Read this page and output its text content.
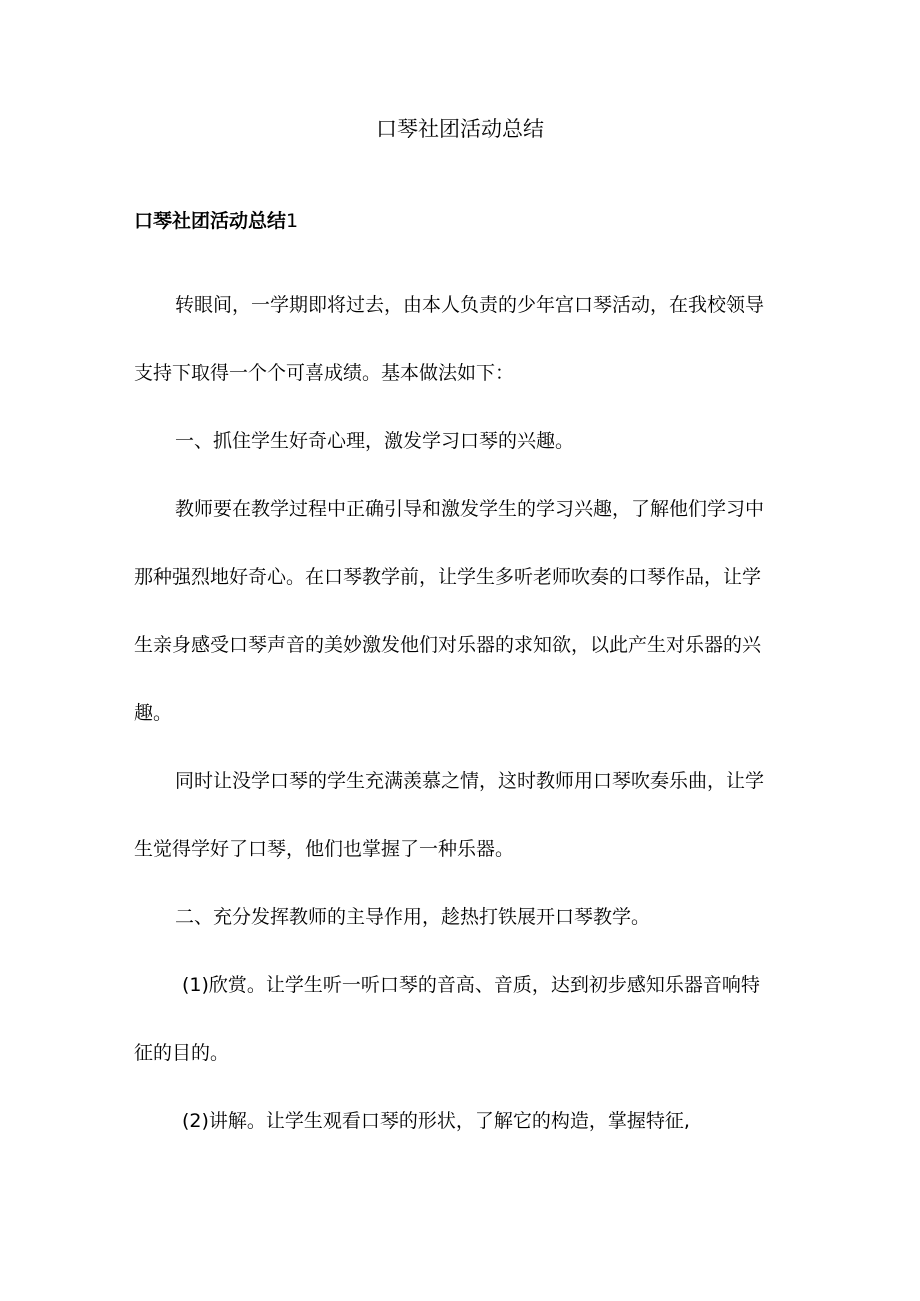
口琴社团活动总结
口琴社团活动总结1

转眼间，一学期即将过去，由本人负责的少年宫口琴活动，在我校领导
支持下取得一个个可喜成绩。基本做法如下：

一、抓住学生好奇心理，激发学习口琴的兴趣。

教师要在教学过程中正确引导和激发学生的学习兴趣，了解他们学习中
那种强烈地好奇心。在口琴教学前，让学生多听老师吹奏的口琴作品，让学
生亲身感受口琴声音的美妙激发他们对乐器的求知欲，以此产生对乐器的兴
趣。

同时让没学口琴的学生充满羡慕之情，这时教师用口琴吹奏乐曲，让学
生觉得学好了口琴，他们也掌握了一种乐器。

二、充分发挥教师的主导作用，趁热打铁展开口琴教学。

(1)欣赏。让学生听一听口琴的音高、音质，达到初步感知乐器音响特
征的目的。

(2)讲解。让学生观看口琴的形状，了解它的构造，掌握特征,
